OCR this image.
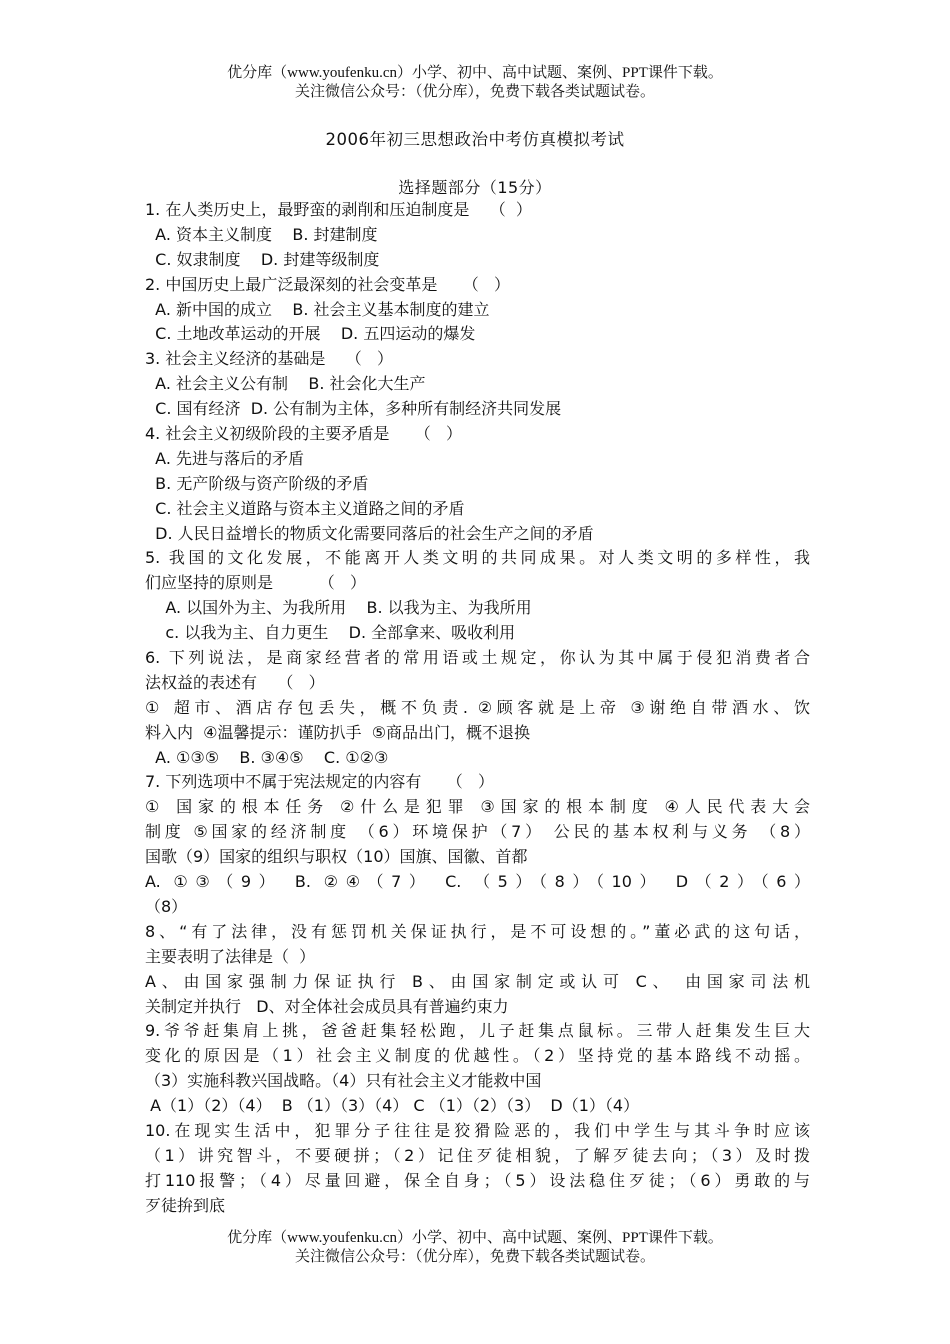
优分库（www.youfenku.cn）小学、初中、高中试题、案例、PPT课件下载。
关注微信公众号：（优分库），免费下载各类试题试卷。
2006年初三思想政治中考仿真模拟考试
选择题部分（15分）
1. 在人类历史上，最野蛮的剥削和压迫制度是    （  ）
A. 资本主义制度    B. 封建制度
C. 奴隶制度    D. 封建等级制度
2. 中国历史上最广泛最深刻的社会变革是     （   ）
A. 新中国的成立    B. 社会主义基本制度的建立
C. 土地改革运动的开展    D. 五四运动的爆发
3. 社会主义经济的基础是    （   ）
A. 社会主义公有制    B. 社会化大生产
C. 国有经济  D. 公有制为主体，多种所有制经济共同发展
4. 社会主义初级阶段的主要矛盾是     （   ）
A. 先进与落后的矛盾
B. 无产阶级与资产阶级的矛盾
C. 社会主义道路与资本主义道路之间的矛盾
D. 人民日益增长的物质文化需要同落后的社会生产之间的矛盾
5. 我国的文化发展，不能离开人类文明的共同成果。对人类文明的多样性，我
们应坚持的原则是         （   ）
A. 以国外为主、为我所用    B. 以我为主、为我所用
c. 以我为主、自力更生    D. 全部拿来、吸收利用
6. 下列说法，是商家经营者的常用语或土规定，你认为其中属于侵犯消费者合
法权益的表述有    （   ）
① 超市、酒店存包丢失，概不负责. ②顾客就是上帝 ③谢绝自带酒水、饮
料入内  ④温馨提示：谨防扒手  ⑤商品出门，概不退换
A. ①③⑤    B. ③④⑤    C. ①②③
7. 下列选项中不属于宪法规定的内容有     （   ）
① 国家的根本任务 ②什么是犯罪 ③国家的根本制度 ④人民代表大会
制度 ⑤国家的经济制度 （6）环境保护（7） 公民的基本权利与义务 （8）
国歌（9）国家的组织与职权（10）国旗、国徽、首都
A. ①③（9） B. ②④（7） C. （5）（8）（10） D（2）（6）
（8）
8、“有了法律，没有惩罚机关保证执行，是不可设想的。”董必武的这句话，
主要表明了法律是（  ）
A、由国家强制力保证执行 B、由国家制定或认可 C、 由国家司法机
关制定并执行   D、对全体社会成员具有普遍约束力
9.爷爷赶集肩上挑，爸爸赶集轻松跑，儿子赶集点鼠标。三带人赶集发生巨大
变化的原因是（1）社会主义制度的优越性。（2）坚持党的基本路线不动摇。
（3）实施科教兴国战略。（4）只有社会主义才能救中国
A（1）（2）（4）  B （1）（3）（4） C （1）（2）（3）  D（1）（4）
10.在现实生活中，犯罪分子往往是狡猾险恶的，我们中学生与其斗争时应该
（1）讲究智斗，不要硬拼；（2）记住歹徒相貌，了解歹徒去向；（3）及时拨
打110报警；（4）尽量回避，保全自身；（5）设法稳住歹徒；（6）勇敢的与
歹徒拚到底
优分库（www.youfenku.cn）小学、初中、高中试题、案例、PPT课件下载。
关注微信公众号：（优分库），免费下载各类试题试卷。
